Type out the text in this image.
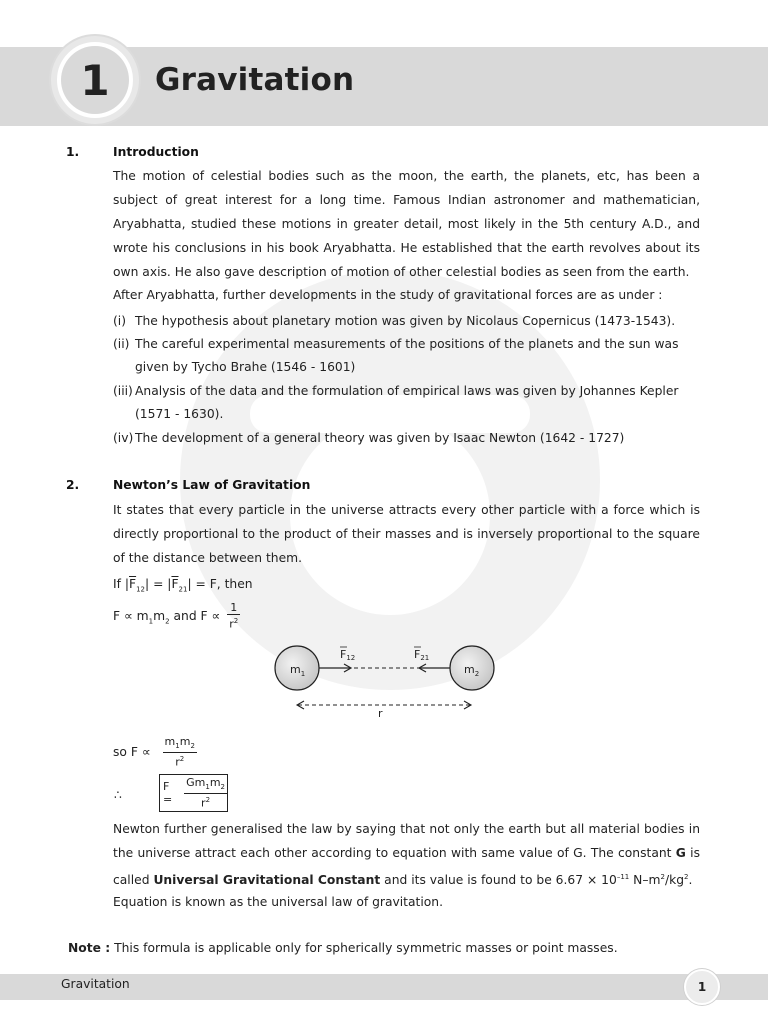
1 Gravitation
1.	Introduction
The motion of celestial bodies such as the moon, the earth, the planets, etc, has been a subject of great interest for a long time. Famous Indian astronomer and mathematician, Aryabhatta, studied these motions in greater detail, most likely in the 5th century A.D., and wrote his conclusions in his book Aryabhatta. He established that the earth revolves about its own axis. He also gave description of motion of other celestial bodies as seen from the earth.
After Aryabhatta, further developments in the study of gravitational forces are as under :
(i) The hypothesis about planetary motion was given by Nicolaus Copernicus (1473-1543).
(ii) The careful experimental measurements of the positions of the planets and the sun was
given by Tycho Brahe (1546 - 1601)
(iii) Analysis of the data and the formulation of empirical laws was given by Johannes Kepler
(1571 - 1630).
(iv) The development of a general theory was given by Isaac Newton (1642 - 1727)
2.	Newton’s Law of Gravitation
It states that every particle in the universe attracts every other particle with a force which is directly proportional to the product of their masses and is inversely proportional to the square of the distance between them.
If $|\overline{F}_{12}| = |\overline{F}_{21}| = F$, then
$F \propto m_1m_2$ and $F \propto \frac{1}{r^2}$
$m_1$	$m_2$
F12	F21
r
so $F \propto \frac{m_1m_2}{r^2}$
∴
F =	$\frac{Gm_1m_2}{r^2}$
Newton further generalised the law by saying that not only the earth but all material bodies in the universe attract each other according to equation with same value of G. The constant G is called Universal Gravitational Constant and its value is found to be $6.67 \times 10^{-11}$ $N-m^2/kg^2$.
Equation is known as the universal law of gravitation.
Note : This formula is applicable only for spherically symmetric masses or point masses.
Gravitation	1
